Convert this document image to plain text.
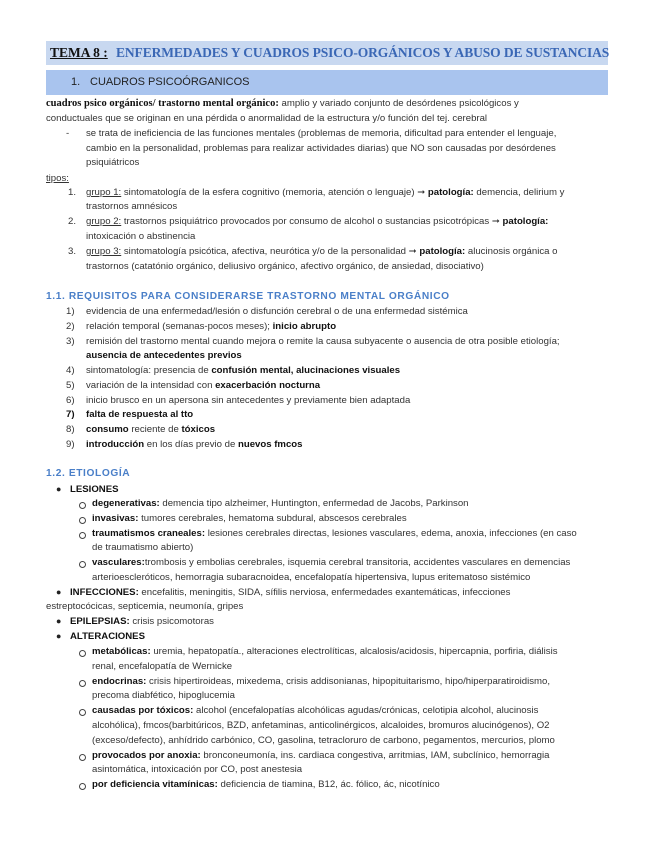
TEMA 8 : ENFERMEDADES Y CUADROS PSICO-ORGÁNICOS Y ABUSO DE SUSTANCIAS
1. CUADROS PSICOÓRGANICOS
cuadros psico orgánicos/ trastorno mental orgánico: amplio y variado conjunto de desórdenes psicológicos y
conductuales que se originan en una pérdida o anormalidad de la estructura y/o función del tej. cerebral
- se trata de ineficiencia de las funciones mentales (problemas de memoria, dificultad para entender el lenguaje,
cambio en la personalidad, problemas para realizar actividades diarias) que NO son causadas por desórdenes
psiquiátricos
tipos:
1. grupo 1: sintomatología de la esfera cognitivo (memoria, atención o lenguaje) ➞ patología: demencia, delirium y
trastornos amnésicos
2. grupo 2: trastornos psiquiátrico provocados por consumo de alcohol o sustancias psicotrópicas ➞ patología:
intoxicación o abstinencia
3. grupo 3: sintomatología psicótica, afectiva, neurótica y/o de la personalidad ➞ patología: alucinosis orgánica o
trastornos (catatónio orgánico, deliusivo orgánico, afectivo orgánico, de ansiedad, disociativo)
1.1. REQUISITOS PARA CONSIDERARSE TRASTORNO MENTAL ORGÁNICO
1) evidencia de una enfermedad/lesión o disfunción cerebral o de una enfermedad sistémica
2) relación temporal (semanas-pocos meses); inicio abrupto
3) remisión del trastorno mental cuando mejora o remite la causa subyacente o ausencia de otra posible etiología;
ausencia de antecedentes previos
4) sintomatología: presencia de confusión mental, alucinaciones visuales
5) variación de la intensidad con exacerbación nocturna
6) inicio brusco en un apersona sin antecedentes y previamente bien adaptada
7) falta de respuesta al tto
8) consumo reciente de tóxicos
9) introducción en los días previo de nuevos fmcos
1.2. ETIOLOGÍA
● LESIONES
degenerativas: demencia tipo alzheimer, Huntington, enfermedad de Jacobs, Parkinson
invasivas: tumores cerebrales, hematoma subdural, abscesos cerebrales
traumatismos craneales: lesiones cerebrales directas, lesiones vasculares, edema, anoxia, infecciones (en caso
de traumatismo abierto)
vasculares:trombosis y embolias cerebrales, isquemia cerebral transitoria, accidentes vasculares en demencias
arterioescleróticos, hemorragia subaracnoidea, encefalopatía hipertensiva, lupus eritematoso sistémico
● INFECCIONES: encefalitis, meningitis, SIDA, sífilis nerviosa, enfermedades exantemáticas, infecciones
estreptocócicas, septicemia, neumonía, gripes
● EPILEPSIAS: crisis psicomotoras
● ALTERACIONES
metabólicas: uremia, hepatopatía., alteraciones electrolíticas, alcalosis/acidosis, hipercapnia, porfiria, diálisis
renal, encefalopatía de Wernicke
endocrinas: crisis hipertiroideas, mixedema, crisis addisonianas, hipopituitarismo, hipo/hiperparatiroidismo,
precoma diabfético, hipoglucemia
causadas por tóxicos: alcohol (encefalopatías alcohólicas agudas/crónicas, celotipia alcohol, alucinosis
alcohólica), fmcos(barbitúricos, BZD, anfetaminas, anticolinérgicos, alcaloides, bromuros alucinógenos), O2
(exceso/defecto), anhídrido carbónico, CO, gasolina, tetracloruro de carbono, pegamentos, mercurios, plomo
provocados por anoxia: bronconeumonía, ins. cardiaca congestiva, arritmias, IAM, subclínico, hemorragia
asintomática, intoxicación por CO, post anestesia
por deficiencia vitamínicas: deficiencia de tiamina, B12, ác. fólico, ác, nicotínico
